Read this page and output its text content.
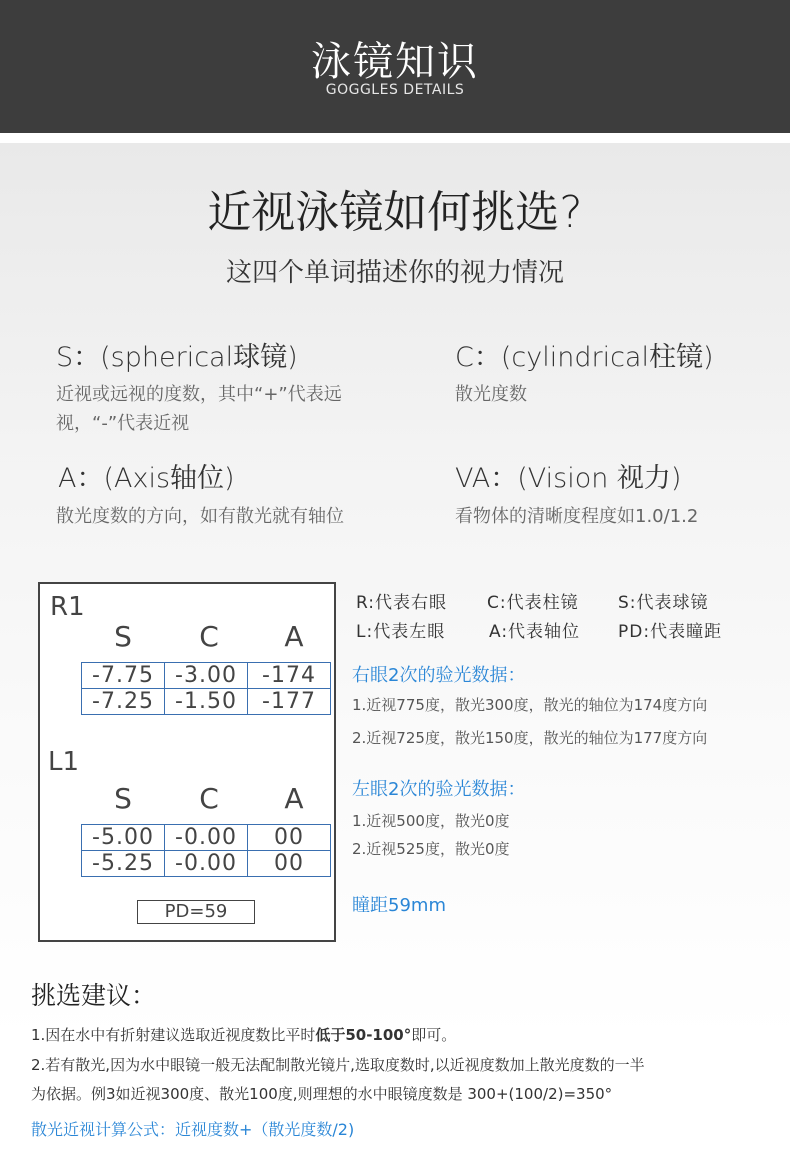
泳镜知识
GOGGLES DETAILS
近视泳镜如何挑选?
这四个单词描述你的视力情况
S：(spherical球镜)
近视或远视的度数，其中“+”代表远
视，“-”代表近视
C：(cylindrical柱镜)
散光度数
A：(Axis轴位)
散光度数的方向，如有散光就有轴位
VA：(Vision 视力)
看物体的清晰度程度如1.0/1.2
R1
S	C	A
-7.75 -3.00	-174
-7.25 -1.50	-177
L1
S	C	A
-5.00 -0.00	00
-5.25 -0.00	00
PD=59
R:代表右眼 C:代表柱镜 S:代表球镜
L:代表左眼	A:代表轴位 PD:代表瞳距
右眼2次的验光数据：
1.近视775度，散光300度，散光的轴位为174度方向
2.近视725度，散光150度，散光的轴位为177度方向
左眼2次的验光数据：
1.近视500度，散光0度
2.近视525度，散光0度
瞳距59mm
挑选建议：
1.因在水中有折射建议选取近视度数比平时低于50-100°即可。
2.若有散光,因为水中眼镜一般无法配制散光镜片,选取度数时,以近视度数加上散光度数的一半
为依据。例3如近视300度、散光100度,则理想的水中眼镜度数是 300+(100/2)=350°
散光近视计算公式：近视度数+（散光度数/2)
